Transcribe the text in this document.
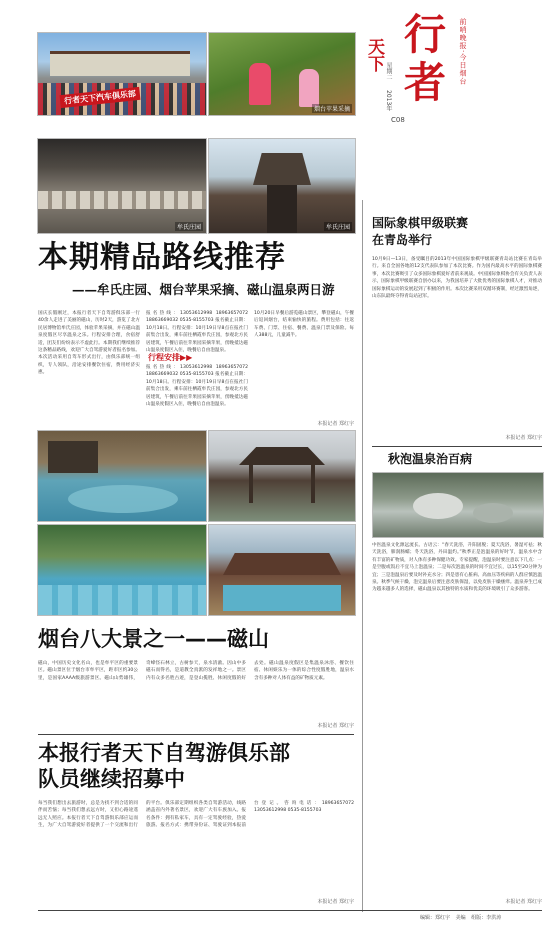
行
者
天下 星期二
2013年
C08
前哨晚报·今日烟台
行者天下汽车俱乐部
烟台苹果采摘
牟氏庄园	牟氏庄园
本期精品路线推荐
——牟氏庄园、烟台苹果采摘、磁山温泉两日游
国庆长假刚过，本报行者天下自驾游俱乐部一行40余人走进了美丽的磁山，历时2天，游览了北方民居博物馆牟氏庄园，体验苹果采摘，并在磁山温泉度假区尽享温泉之乐。行程安排合理，食宿舒适，团友们纷纷表示不虚此行。本期我们继续推荐这条精品路线，欢迎广大自驾游爱好者报名参加。本次活动采用自驾车形式出行，由俱乐部统一组织，专人领队，沿途安排餐饮住宿，费用经济实惠。
报名热线：13053612998 18963657072 18863669032 0535-8155703 报名截止日期：10月18日。行程安排：10月19日早8点在报社门前集合出发，乘车前往栖霞牟氏庄园，参观北方民居建筑，午餐后前往苹果园采摘苹果，傍晚抵达磁山温泉度假区入住，晚餐后自由泡温泉。
行程安排▶▶
报名热线：13053612998 18963657072 18863669032 0535-8155703 报名截止日期：10月18日。行程安排：10月19日早8点在报社门前集合出发，乘车前往栖霞牟氏庄园，参观北方民居建筑，午餐后前往苹果园采摘苹果，傍晚抵达磁山温泉度假区入住，晚餐后自由泡温泉。
10月20日早餐后游览磁山景区，攀登磁山，午餐后返回烟台，结束愉快的旅程。费用包括：往返车费、门票、住宿、餐费、温泉门票及保险。每人388元，儿童减半。
本报记者 郑红宇
烟台八大景之一——磁山
磁山，中国历史文化名山，也是牟平区的重要景区。磁山景区位于烟台市牟平区，距市区约30公里，是国家AAAA级旅游景区。磁山山势雄伟，奇峰怪石林立，古树参天，泉水清澈。因山中多磁石而得名，是道教全真派的发祥地之一。景区内有众多名胜古迹，是登山揽胜、休闲度假的好去处。磁山温泉度假区是集温泉沐浴、餐饮住宿、休闲娱乐为一体的综合性度假胜地，温泉水含有多种对人体有益的矿物质元素。
本报记者 郑红宇
本报行者天下自驾游俱乐部
队员继续招募中
每当我们想出去旅游时，总是为找不到合适的同伴而苦恼；每当我们想去远方时，又担心路途遥远无人照应。本报行者天下自驾游俱乐部应运而生，为广大自驾游爱好者提供了一个交流和出行的平台。俱乐部定期组织各类自驾游活动，线路涵盖省内外著名景区，欢迎广大有车族加入。报名条件：拥有私家车，具有一定驾驶经验，热爱旅游。报名方式：携带身份证、驾驶证到本报前台登记。咨询电话：18963657072 13053612998 0535-8155703
本报记者 郑红宇
国际象棋甲级联赛
在青岛举行
10月9日—13日，备受瞩目的2013年中国国际象棋甲级联赛青岛站比赛在青岛举行。来自全国各地的12支代表队参加了本次比赛。作为国内最高水平的国际象棋赛事，本次比赛吸引了众多国际象棋爱好者前来观战。中国国际象棋协会有关负责人表示，国际象棋甲级联赛自创办以来，为我国培养了大批优秀的国际象棋人才，对推动国际象棋运动的发展起到了积极的作用。本次比赛采用双循环赛制，经过激烈角逐，山东队最终夺得青岛站冠军。
本报记者 郑红宇
秋泡温泉治百病
中医温泉文化源远流长。古语云：“春天洗浴，升阳固脱；夏天洗浴，暑湿可祛；秋天洗浴，肺润肠蠕；冬天洗浴，丹田温灼。”秋季正是泡温泉的好时节，温泉水中含有丰富的矿物质，对人体有多种保健功效。专家提醒，泡温泉时要注意以下几点：一是空腹或饭后不宜马上泡温泉；二是每次泡温泉的时间不宜过长，以15至20分钟为宜；三是泡温泉后要及时补充水分；四是患有心脏病、高血压等疾病的人群应慎泡温泉。秋季气候干燥，泡完温泉后要注意皮肤保湿，以免皮肤干燥瘙痒。温泉养生已成为越来越多人的选择，磁山温泉以其独特的水质和优美的环境吸引了众多游客。
本报记者 郑红宇
编辑：郑红宇 美编 组版：李洪涛
